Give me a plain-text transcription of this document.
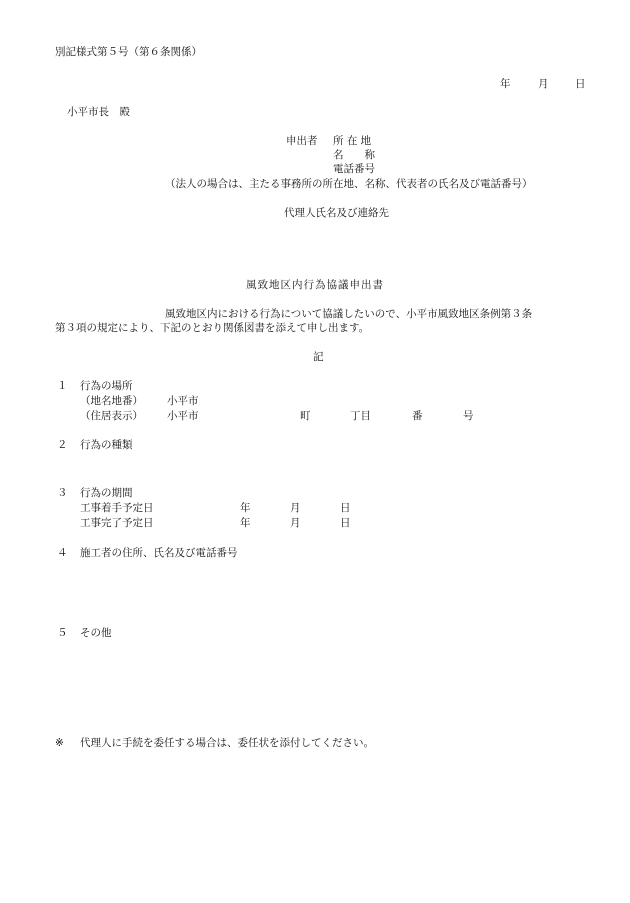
別記様式第５号（第６条関係）
年	月	日
小平市長　殿
申出者 所 在 地
名　　称
電話番号
（法人の場合は、主たる事務所の所在地、名称、代表者の氏名及び電話番号）
代理人氏名及び連絡先
風致地区内行為協議申出書
風致地区内における行為について協議したいので、小平市風致地区条例第３条
第３項の規定により、下記のとおり関係図書を添えて申し出ます。
記
１ 行為の場所
（地名地番） 小平市
（住居表示） 小平市	町	丁目	番	号
２ 行為の種類
３ 行為の期間
工事着手予定日	年	月	日
工事完了予定日	年	月	日
４ 施工者の住所、氏名及び電話番号
５ その他
※ 代理人に手続を委任する場合は、委任状を添付してください。
